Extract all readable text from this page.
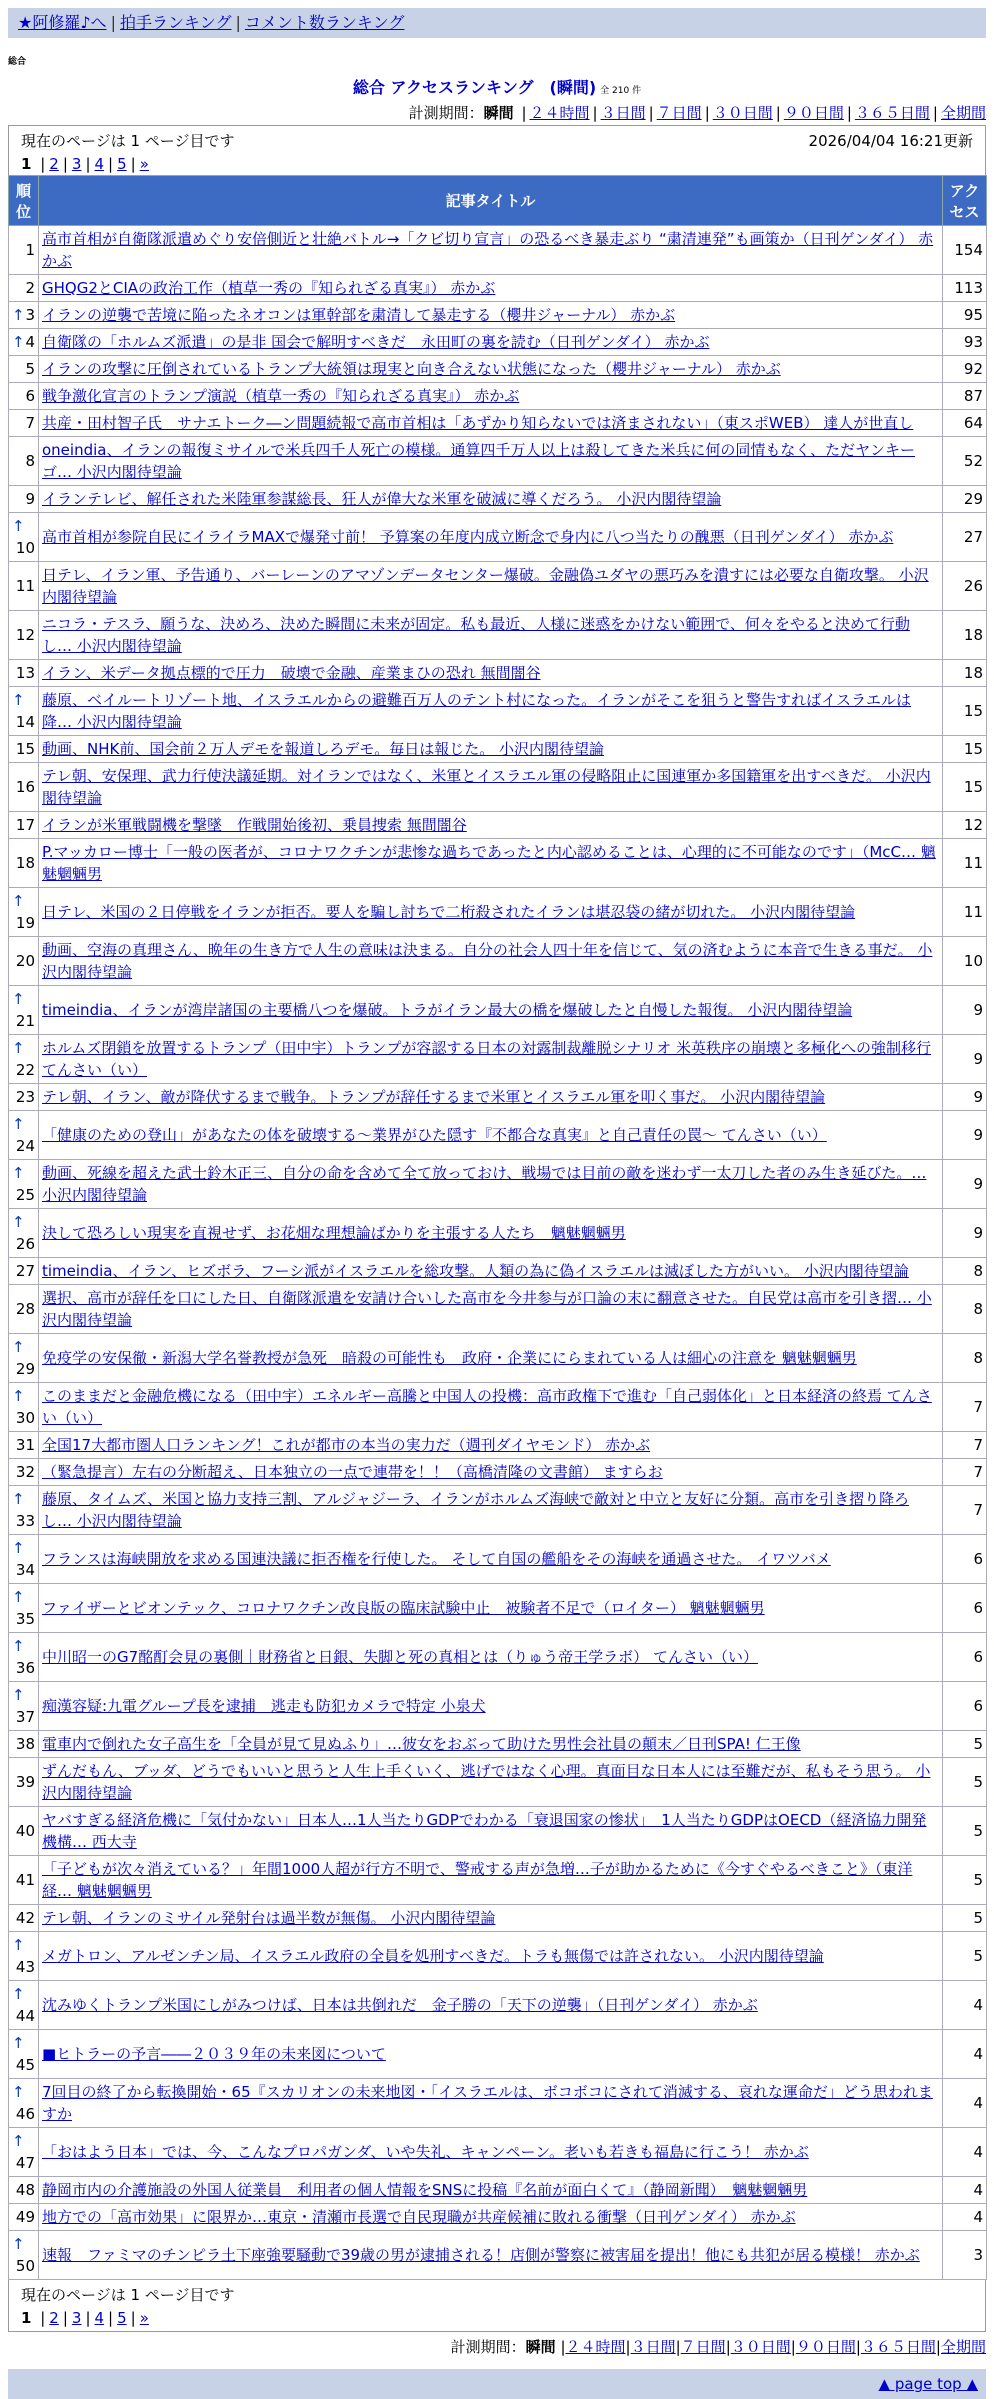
★阿修羅♪へ | 拍手ランキング | コメント数ランキング
総合
総合 アクセスランキング　(瞬間) 全 210 件
計測期間：瞬間 | ２４時間 | ３日間 | ７日間 | ３０日間 | ９０日間 | ３６５日間 | 全期間
現在のページは 1 ページ目です	2026/04/04 16:21更新
1 | 2 | 3 | 4 | 5 | »
順位	記事タイトル	アクセス
1	高市首相が自衛隊派遣めぐり安倍側近と壮絶バトル→「クビ切り宣言」の恐るべき暴走ぶり “粛清連発”も画策か（日刊ゲンダイ） 赤かぶ	154
2	GHQG2とCIAの政治工作（植草一秀の『知られざる真実』） 赤かぶ	113

↑ 3	イランの逆襲で苦境に陥ったネオコンは軍幹部を粛清して暴走する（櫻井ジャーナル） 赤かぶ	95

↑ 4	自衛隊の「ホルムズ派遣」の是非 国会で解明すべきだ　永田町の裏を読む（日刊ゲンダイ） 赤かぶ	93
5	イランの攻撃に圧倒されているトランプ大統領は現実と向き合えない状態になった（櫻井ジャーナル） 赤かぶ	92
6	戦争激化宣言のトランプ演説（植草一秀の『知られざる真実』） 赤かぶ	87
7	共産・田村智子氏　サナエトーク―ン問題続報で高市首相は「あずかり知らないでは済まされない」（東スポWEB） 達人が世直し	64
8	oneindia、イランの報復ミサイルで米兵四千人死亡の模様。通算四千万人以上は殺してきた米兵に何の同情もなく、ただヤンキーゴ… 小沢内閣待望論	52
9	イランテレビ、解任された米陸軍参謀総長、狂人が偉大な米軍を破滅に導くだろう。 小沢内閣待望論	29

↑
10	高市首相が参院自民にイライラMAXで爆発寸前！ 予算案の年度内成立断念で身内に八つ当たりの醜悪（日刊ゲンダイ） 赤かぶ	27
11	日テレ、イラン軍、予告通り、バーレーンのアマゾンデータセンター爆破。金融偽ユダヤの悪巧みを潰すには必要な自衛攻撃。 小沢内閣待望論	26
12	ニコラ・テスラ、願うな、決めろ、決めた瞬間に未来が固定。私も最近、人様に迷惑をかけない範囲で、何々をやると決めて行動し… 小沢内閣待望論	18
13	イラン、米データ拠点標的で圧力　破壊で金融、産業まひの恐れ 無間闇谷	18

↑
14	藤原、ベイルートリゾート地、イスラエルからの避難百万人のテント村になった。イランがそこを狙うと警告すればイスラエルは降… 小沢内閣待望論	15
15	動画、NHK前、国会前２万人デモを報道しろデモ。毎日は報じた。 小沢内閣待望論	15
16	テレ朝、安保理、武力行使決議延期。対イランではなく、米軍とイスラエル軍の侵略阻止に国連軍か多国籍軍を出すべきだ。 小沢内閣待望論	15
17	イランが米軍戦闘機を撃墜　作戦開始後初、乗員捜索 無間闇谷	12
18	P.マッカロー博士「一般の医者が、コロナワクチンが悲惨な過ちであったと内心認めることは、心理的に不可能なのです」（McC… 魑魅魍魎男	11

↑
19	日テレ、米国の２日停戦をイランが拒否。要人を騙し討ちで二桁殺されたイランは堪忍袋の緒が切れた。 小沢内閣待望論	11
20	動画、空海の真理さん、晩年の生き方で人生の意味は決まる。自分の社会人四十年を信じて、気の済むように本音で生きる事だ。 小沢内閣待望論	10

↑
21	timeindia、イランが湾岸諸国の主要橋八つを爆破。トラがイラン最大の橋を爆破したと自慢した報復。 小沢内閣待望論	9

↑
22	ホルムズ閉鎖を放置するトランプ（田中宇）トランプが容認する日本の対露制裁離脱シナリオ 米英秩序の崩壊と多極化への強制移行 てんさい（い）	9
23	テレ朝、イラン、敵が降伏するまで戦争。トランプが辞任するまで米軍とイスラエル軍を叩く事だ。 小沢内閣待望論	9

↑
24	「健康のための登山」があなたの体を破壊する〜業界がひた隠す『不都合な真実』と自己責任の罠〜 てんさい（い）	9

↑
25	動画、死線を超えた武士鈴木正三、自分の命を含めて全て放っておけ、戦場では目前の敵を迷わず一太刀した者のみ生き延びた。… 小沢内閣待望論	9

↑
26	決して恐ろしい現実を直視せず、お花畑な理想論ばかりを主張する人たち　魑魅魍魎男	9
27	timeindia、イラン、ヒズボラ、フーシ派がイスラエルを総攻撃。人類の為に偽イスラエルは滅ぼした方がいい。 小沢内閣待望論	8
28	選択、高市が辞任を口にした日、自衛隊派遣を安請け合いした高市を今井参与が口論の末に翻意させた。自民党は高市を引き摺… 小沢内閣待望論	8

↑
29	免疫学の安保徹・新潟大学名誉教授が急死　暗殺の可能性も　政府・企業ににらまれている人は細心の注意を 魑魅魍魎男	8

↑
30	このままだと金融危機になる（田中宇）エネルギー高騰と中国人の投機：高市政権下で進む「自己弱体化」と日本経済の終焉 てんさい（い）	7
31	全国17大都市圏人口ランキング！これが都市の本当の実力だ（週刊ダイヤモンド） 赤かぶ	7
32	（緊急提言）左右の分断超え、日本独立の一点で連帯を！！（高橋清隆の文書館） ますらお	7

↑
33	藤原、タイムズ、米国と協力支持三割、アルジャジーラ、イランがホルムズ海峡で敵対と中立と友好に分類。高市を引き摺り降ろし… 小沢内閣待望論	7

↑
34	フランスは海峡開放を求める国連決議に拒否権を行使した。 そして自国の艦船をその海峡を通過させた。 イワツバメ	6

↑
35	ファイザーとビオンテック、コロナワクチン改良版の臨床試験中止　被験者不足で（ロイター） 魑魅魍魎男	6

↑
36	中川昭一のG7酩酊会見の裏側｜財務省と日銀、失脚と死の真相とは（りゅう帝王学ラボ） てんさい（い）	6

↑
37	痴漢容疑:九電グループ長を逮捕　逃走も防犯カメラで特定 小泉犬	6
38	電車内で倒れた女子高生を「全員が見て見ぬふり」…彼女をおぶって助けた男性会社員の顛末／日刊SPA! 仁王像	5
39	ずんだもん、ブッダ、どうでもいいと思うと人生上手くいく、逃げではなく心理。真面目な日本人には至難だが、私もそう思う。 小沢内閣待望論	5
40	ヤバすぎる経済危機に「気付かない」日本人…1人当たりGDPでわかる「衰退国家の惨状」　1人当たりGDPはOECD（経済協力開発機構… 西大寺	5
41	「子どもが次々消えている？」年間1000人超が行方不明で、警戒する声が急増…子が助かるために《今すぐやるべきこと》（東洋経… 魑魅魍魎男	5
42	テレ朝、イランのミサイル発射台は過半数が無傷。 小沢内閣待望論	5

↑
43	メガトロン、アルゼンチン局、イスラエル政府の全員を処刑すべきだ。トラも無傷では許されない。 小沢内閣待望論	5

↑
44	沈みゆくトランプ米国にしがみつけば、日本は共倒れだ　金子勝の「天下の逆襲」（日刊ゲンダイ） 赤かぶ	4

↑
45	■ヒトラーの予言――２０３９年の未来図について	4

↑
46	7回目の終了から転換開始・65『スカリオンの未来地図・「イスラエルは、ボコボコにされて消滅する、哀れな運命だ」どう思われますか	4

↑
47	「おはよう日本」では、今、こんなプロパガンダ、いや失礼、キャンペーン。老いも若きも福島に行こう！ 赤かぶ	4
48	静岡市内の介護施設の外国人従業員　利用者の個人情報をSNSに投稿『名前が面白くて』（静岡新聞）　魑魅魍魎男	4
49	地方での「高市効果」に限界か…東京・清瀬市長選で自民現職が共産候補に敗れる衝撃（日刊ゲンダイ） 赤かぶ	4

↑
50	速報　ファミマのチンピラ土下座強要騒動で39歳の男が逮捕される！店側が警察に被害届を提出！他にも共犯が居る模様！ 赤かぶ	3
現在のページは 1 ページ目です
1 | 2 | 3 | 4 | 5 | »
計測期間：瞬間 |２４時間|３日間|７日間|３０日間|９０日間|３６５日間|全期間
▲ page top ▲
